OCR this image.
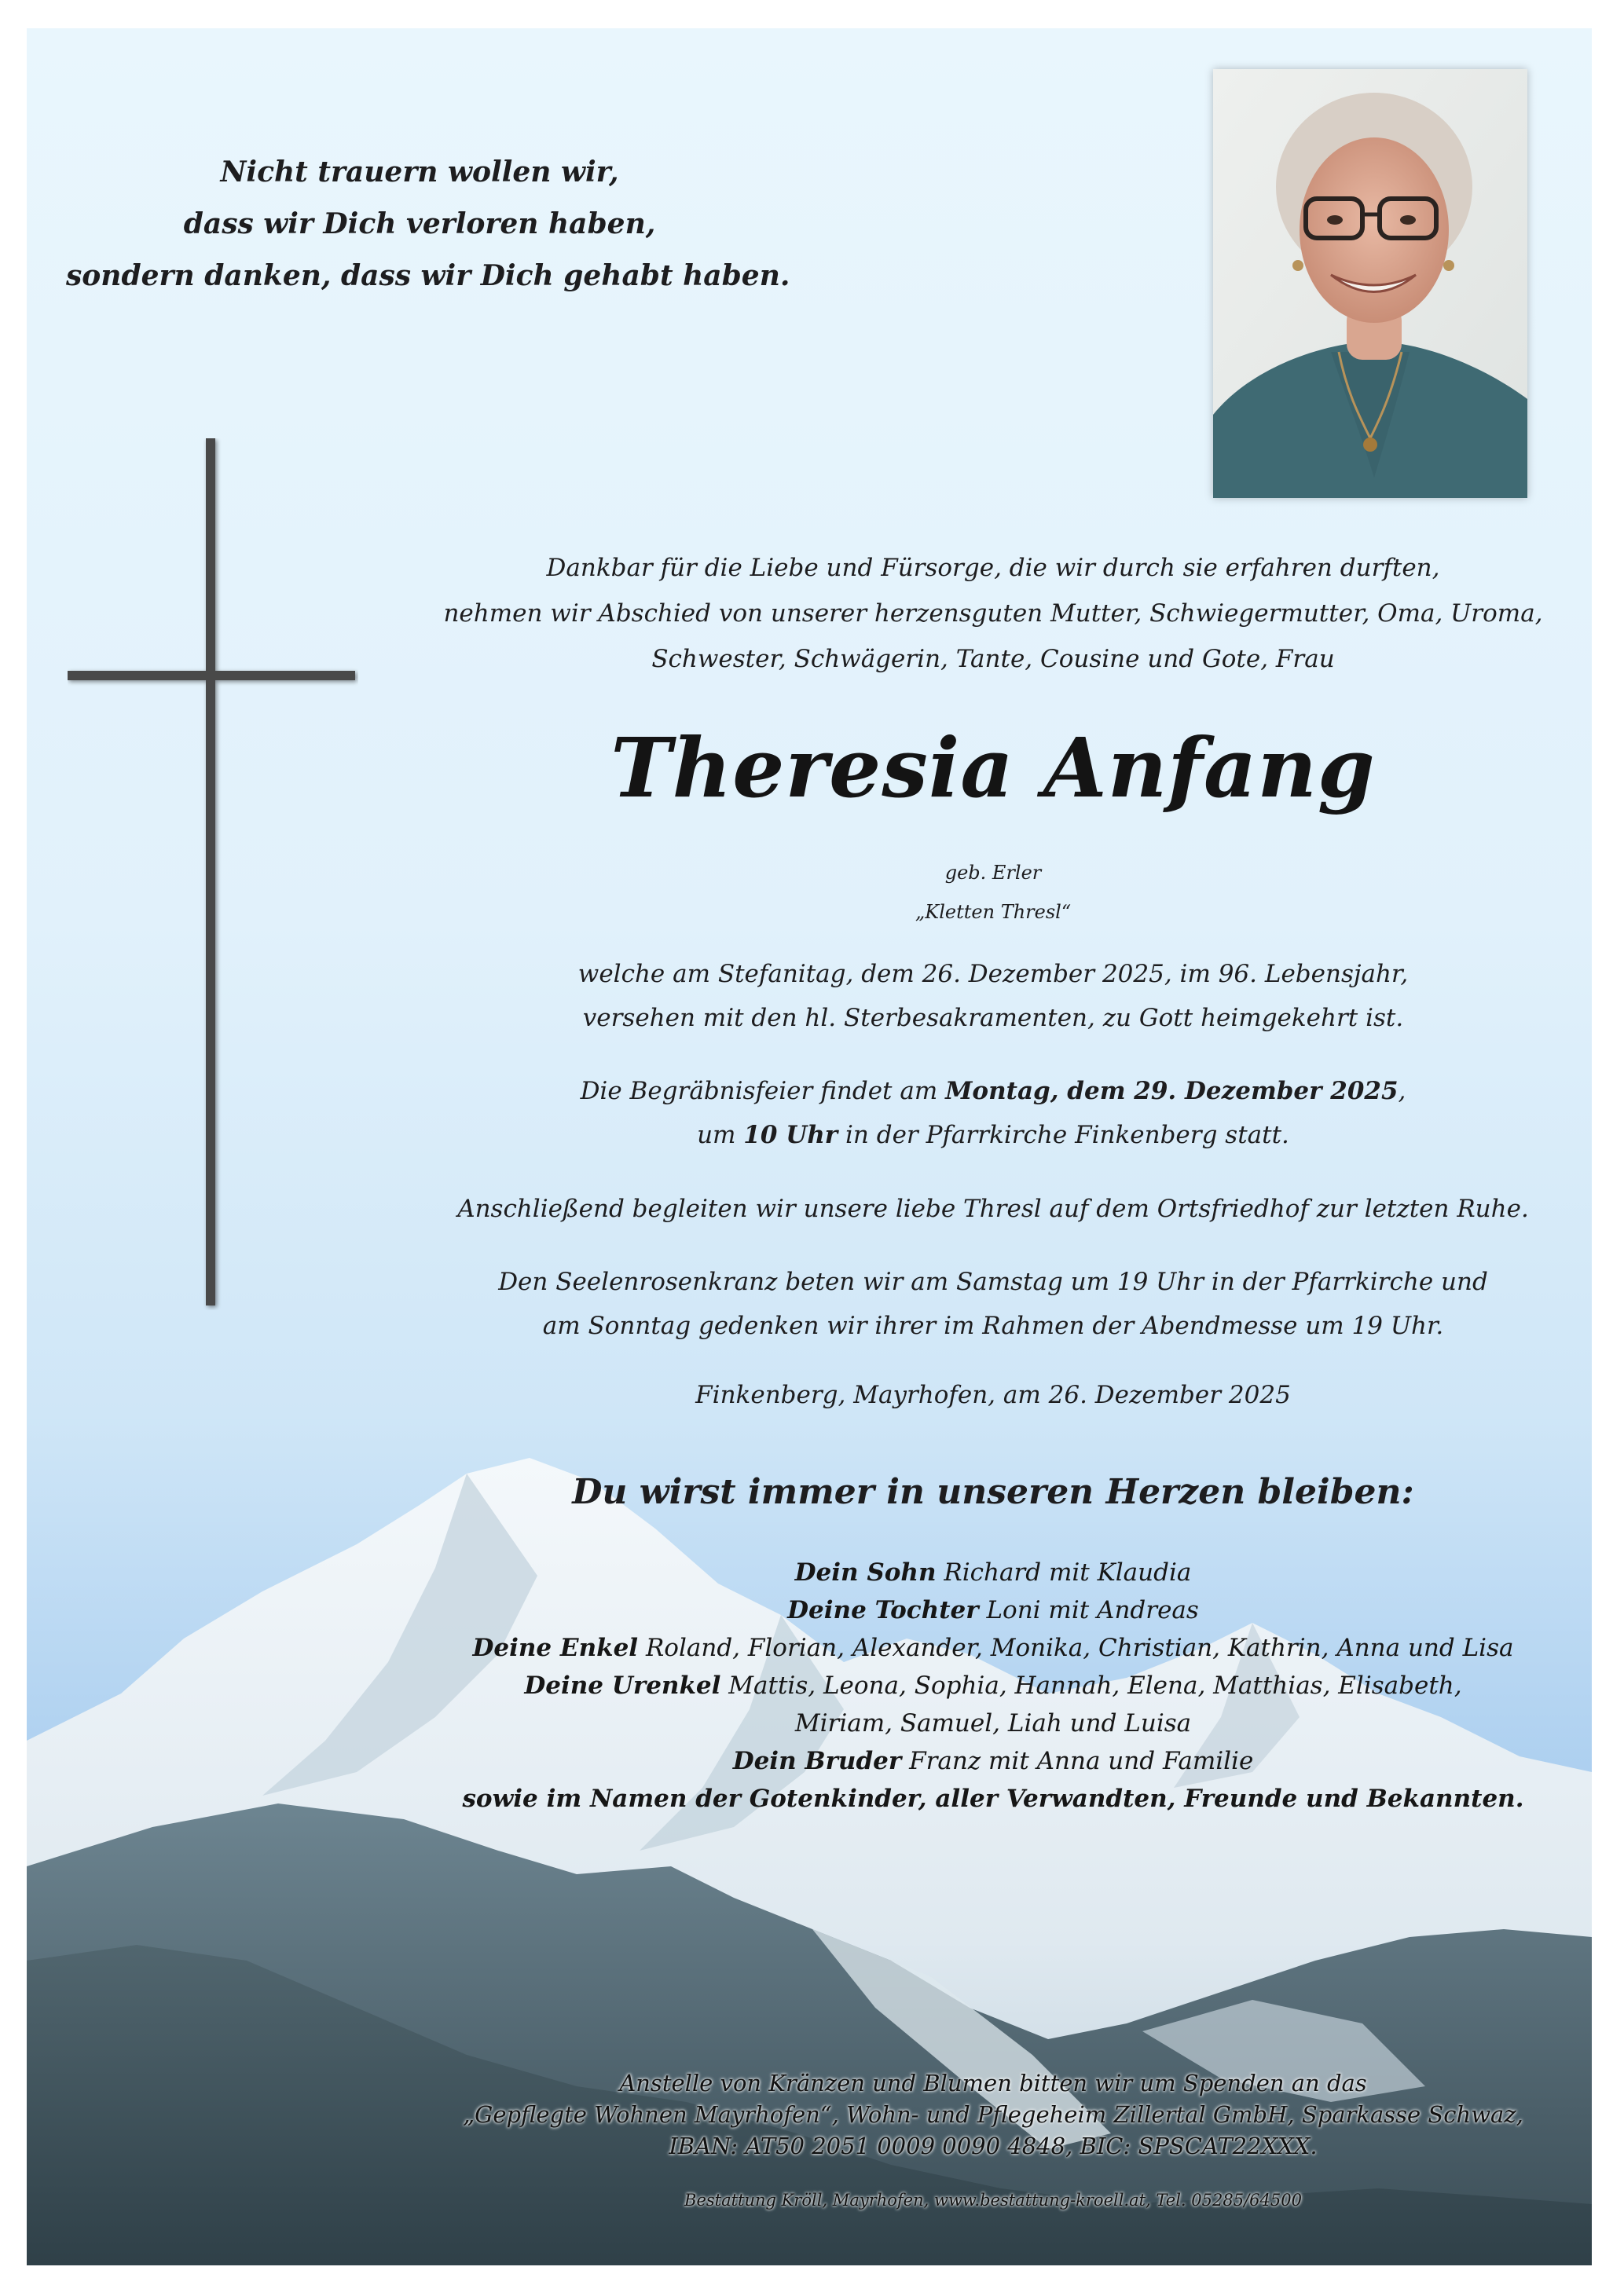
Nicht trauern wollen wir,
dass wir Dich verloren haben,
sondern danken, dass wir Dich gehabt haben.
Dankbar für die Liebe und Fürsorge, die wir durch sie erfahren durften,
nehmen wir Abschied von unserer herzensguten Mutter, Schwiegermutter, Oma, Uroma,
Schwester, Schwägerin, Tante, Cousine und Gote, Frau
Theresia Anfang
geb. Erler
„Kletten Thresl“
welche am Stefanitag, dem 26. Dezember 2025, im 96. Lebensjahr,
versehen mit den hl. Sterbesakramenten, zu Gott heimgekehrt ist.
Die Begräbnisfeier findet am Montag, dem 29. Dezember 2025,
um 10 Uhr in der Pfarrkirche Finkenberg statt.
Anschließend begleiten wir unsere liebe Thresl auf dem Ortsfriedhof zur letzten Ruhe.
Den Seelenrosenkranz beten wir am Samstag um 19 Uhr in der Pfarrkirche und
am Sonntag gedenken wir ihrer im Rahmen der Abendmesse um 19 Uhr.
Finkenberg, Mayrhofen, am 26. Dezember 2025
Du wirst immer in unseren Herzen bleiben:
Dein Sohn Richard mit Klaudia
Deine Tochter Loni mit Andreas
Deine Enkel Roland, Florian, Alexander, Monika, Christian, Kathrin, Anna und Lisa
Deine Urenkel Mattis, Leona, Sophia, Hannah, Elena, Matthias, Elisabeth,
Miriam, Samuel, Liah und Luisa
Dein Bruder Franz mit Anna und Familie
sowie im Namen der Gotenkinder, aller Verwandten, Freunde und Bekannten.
Anstelle von Kränzen und Blumen bitten wir um Spenden an das
„Gepflegte Wohnen Mayrhofen“, Wohn- und Pflegeheim Zillertal GmbH, Sparkasse Schwaz,
IBAN: AT50 2051 0009 0090 4848, BIC: SPSCAT22XXX.
Bestattung Kröll, Mayrhofen, www.bestattung-kroell.at, Tel. 05285/64500
